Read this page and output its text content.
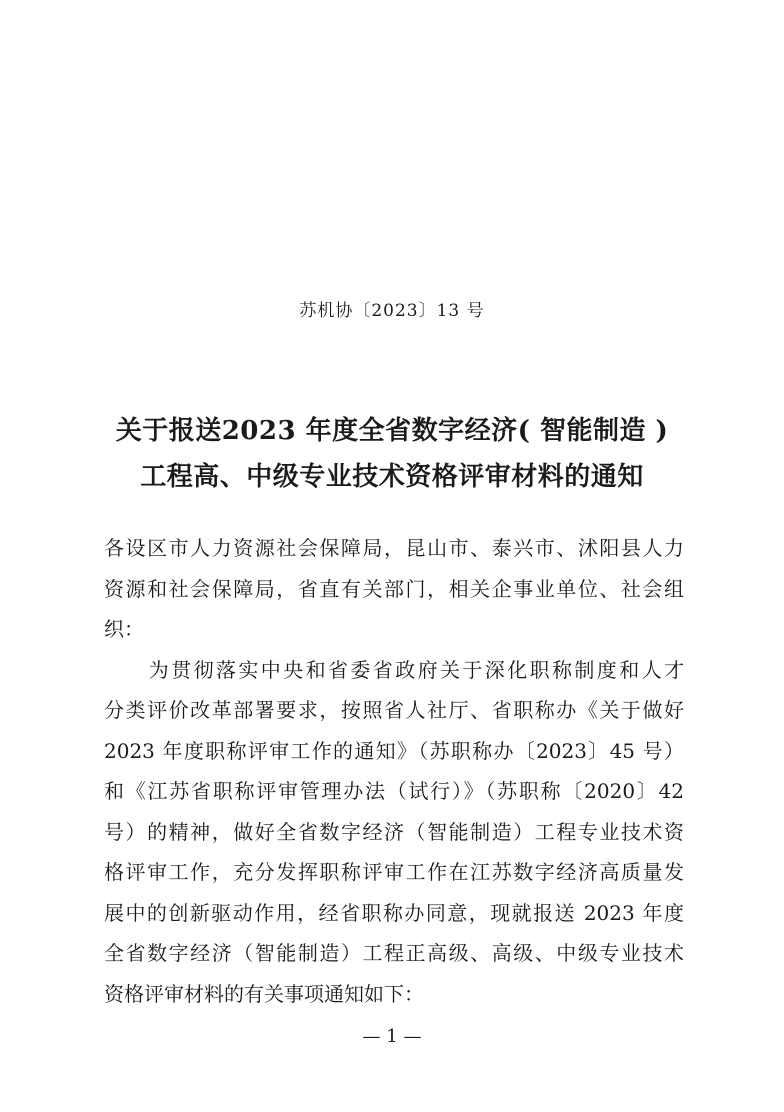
苏机协〔2023〕13 号
关于报送2023 年度全省数字经济( 智能制造 )
工程高、中级专业技术资格评审材料的通知
各设区市人力资源社会保障局，昆山市、泰兴市、沭阳县人力
资源和社会保障局，省直有关部门，相关企事业单位、社会组
织：
　　为贯彻落实中央和省委省政府关于深化职称制度和人才
分类评价改革部署要求，按照省人社厅、省职称办《关于做好
2023 年度职称评审工作的通知》（苏职称办〔2023〕45 号）
和《江苏省职称评审管理办法（试行）》（苏职称〔2020〕42
号）的精神，做好全省数字经济（智能制造）工程专业技术资
格评审工作，充分发挥职称评审工作在江苏数字经济高质量发
展中的创新驱动作用，经省职称办同意，现就报送 2023 年度
全省数字经济（智能制造）工程正高级、高级、中级专业技术
资格评审材料的有关事项通知如下：
— 1 —
